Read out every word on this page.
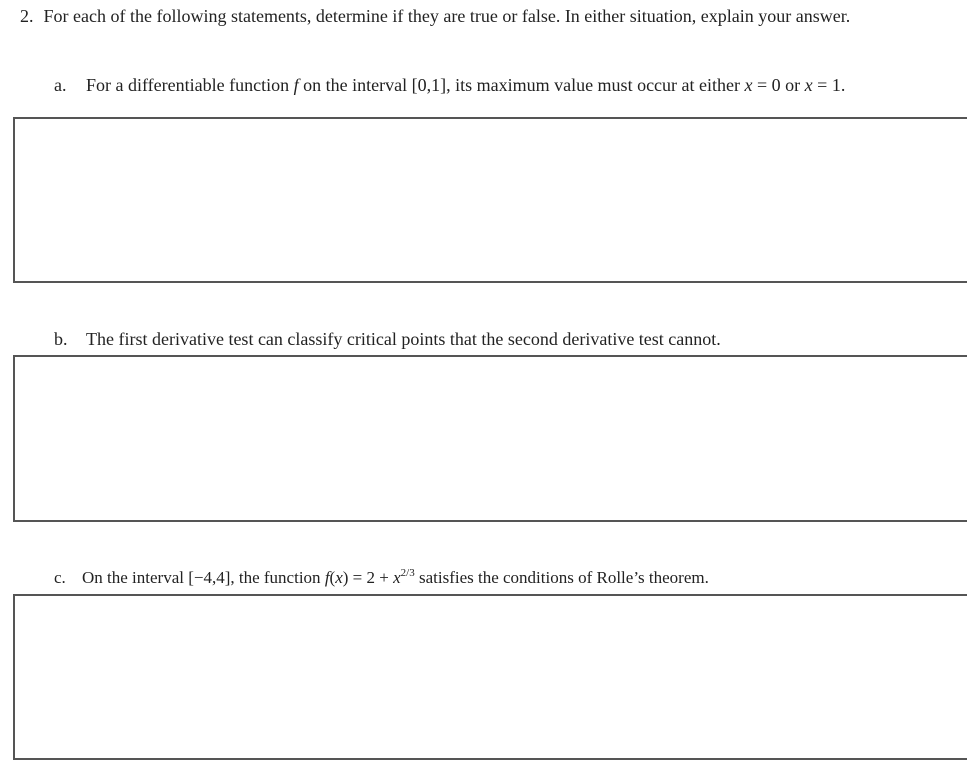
2. For each of the following statements, determine if they are true or false. In either situation, explain your answer.
a. For a differentiable function f on the interval [0,1], its maximum value must occur at either x = 0 or x = 1.
b. The first derivative test can classify critical points that the second derivative test cannot.
c. On the interval [−4,4], the function $f(x) = 2 + x^{2/3}$ satisfies the conditions of Rolle’s theorem.
